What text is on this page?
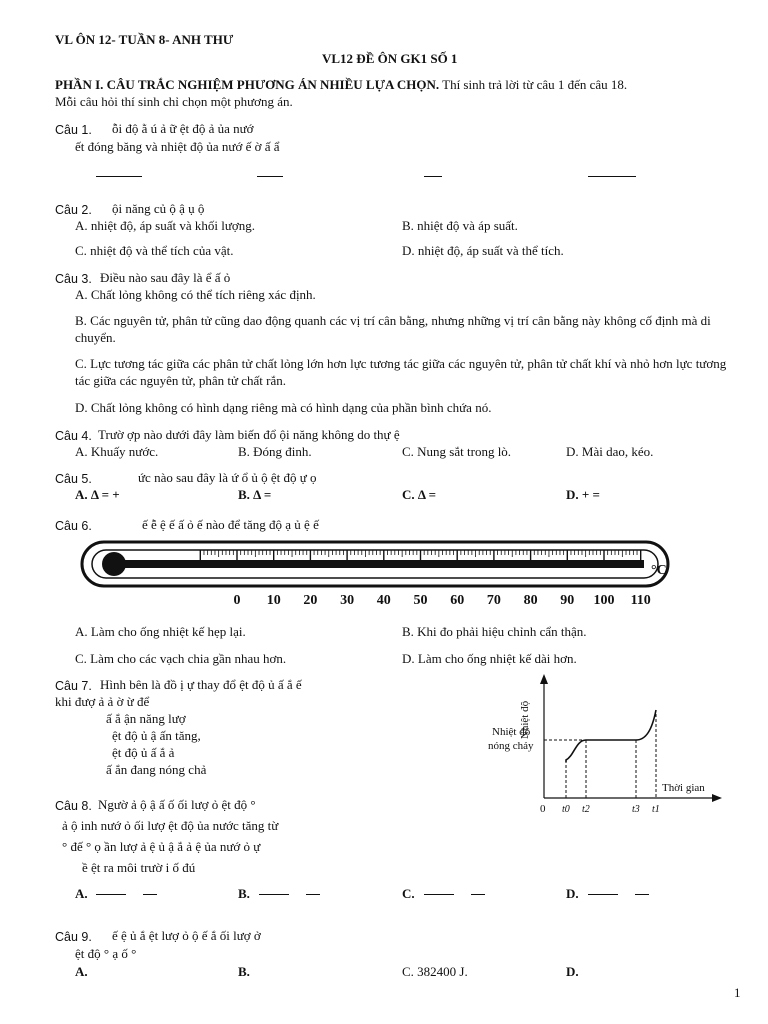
VL ÔN 12- TUẦN 8- ANH THƯ
VL12 ĐỀ ÔN GK1 SỐ 1
PHẦN I. CÂU TRẮC NGHIỆM PHƯƠNG ÁN NHIỀU LỰA CHỌN. Thí sinh trả lời từ câu 1 đến câu 18.
Mỗi câu hỏi thí sinh chỉ chọn một phương án.
Câu 1. ỗi độ ằ ú ả ữ ệt độ ả ủa nướ
ết đóng băng và nhiệt độ ủa nướ ế ờ ấ ẩ
Câu 2. ội năng củ ộ ậ ụ ộ
A. nhiệt độ, áp suất và khối lượng.	B. nhiệt độ và áp suất.
C. nhiệt độ và thể tích của vật.	D. nhiệt độ, áp suất và thể tích.
Câu 3. Điều nào sau đây là ể ấ ỏ
A. Chất lỏng không có thể tích riêng xác định.
B. Các nguyên tử, phân tử cũng dao động quanh các vị trí cân bằng, nhưng những vị trí cân bằng này không cố định mà di chuyển.
C. Lực tương tác giữa các phân tử chất lỏng lớn hơn lực tương tác giữa các nguyên tử, phân tử chất khí và nhỏ hơn lực tương tác giữa các nguyên tử, phân tử chất rắn.
D. Chất lỏng không có hình dạng riêng mà có hình dạng của phần bình chứa nó.
Câu 4. Trườ ợp nào dưới đây làm biến đổ ội năng không do thự ệ
A. Khuấy nước.	B. Đóng đinh.	C. Nung sắt trong lò.	D. Mài dao, kéo.
Câu 5.	ức nào sau đây là ứ ổ ủ ộ ệt độ ự ọ
A. Δ = +	B. Δ =	C. Δ =	D. + =
Câu 6.	ế ễ ệ ế ấ ỏ ế nào để tăng độ ạ ủ ệ ế
°C
0 10 20 30 40 50 60 70 80 90 100 110
A. Làm cho ống nhiệt kế hẹp lại.	B. Khi đo phải hiệu chỉnh cẩn thận.
C. Làm cho các vạch chia gần nhau hơn.	D. Làm cho ống nhiệt kế dài hơn.
Câu 7. Hình bên là đồ ị ự thay đổ ệt độ ủ ấ ắ ế
khi đượ ả ả ờ ừ để
ấ ắ ận năng lượ
ệt độ ủ ậ ấn tăng,
ệt độ ủ ấ ắ ả
ấ ắn đang nóng chả
Nhiệt độ
Nhiệt độ
nóng chảy
Thời gian
0 t0 t2	t3 t1
Câu 8. Ngườ ả ộ ậ ấ ố ối lượ ỏ ệt độ °
ả ộ inh nướ ỏ ối lượ ệt độ ủa nước tăng từ
° đế ° ọ ần lượ ả ệ ủ ậ ắ ả ệ ủa nướ ỏ ự
ề ệt ra môi trườ i ố đú
A.	B.	C.	D.
Câu 9. ế ệ ủ ắ ệt lượ ỏ ộ ế ắ ối lượ ở
ệt độ ° ạ ố °
A.	B.	C. 382400 J.	D.
1
